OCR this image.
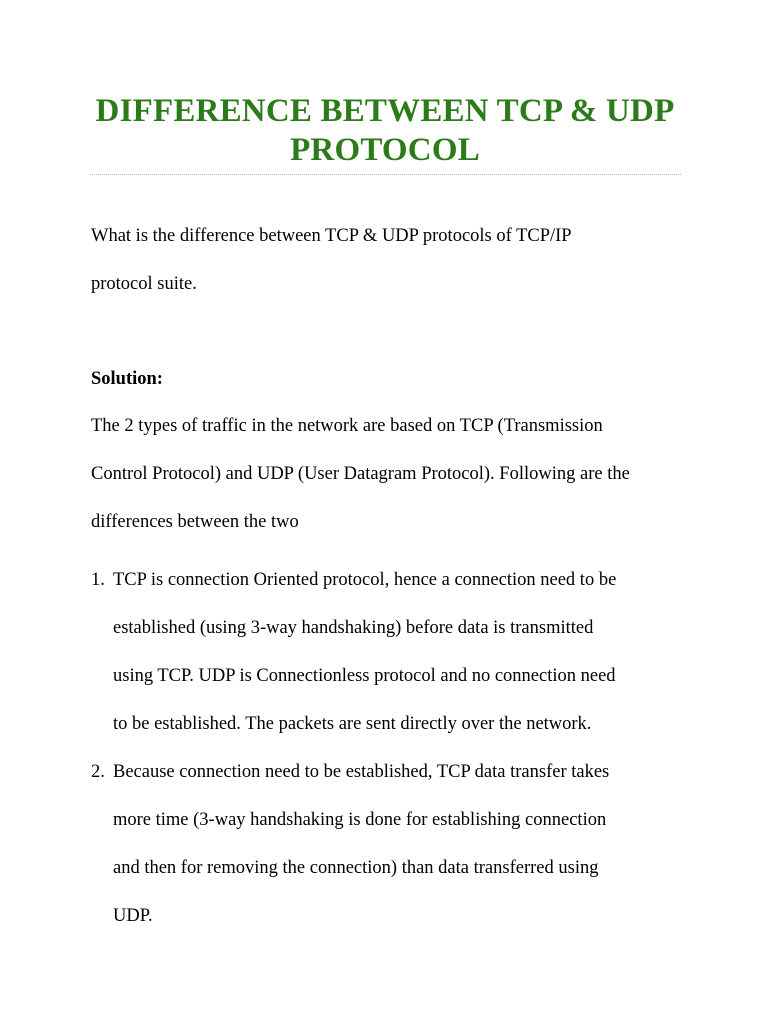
DIFFERENCE BETWEEN TCP & UDP
PROTOCOL

What is the difference between TCP & UDP protocols of TCP/IP
protocol suite.

Solution:

The 2 types of traffic in the network are based on TCP (Transmission
Control Protocol) and UDP (User Datagram Protocol). Following are the
differences between the two

1. TCP is connection Oriented protocol, hence a connection need to be
established (using 3-way handshaking) before data is transmitted
using TCP. UDP is Connectionless protocol and no connection need
to be established. The packets are sent directly over the network.
2. Because connection need to be established, TCP data transfer takes
more time (3-way handshaking is done for establishing connection
and then for removing the connection) than data transferred using
UDP.
